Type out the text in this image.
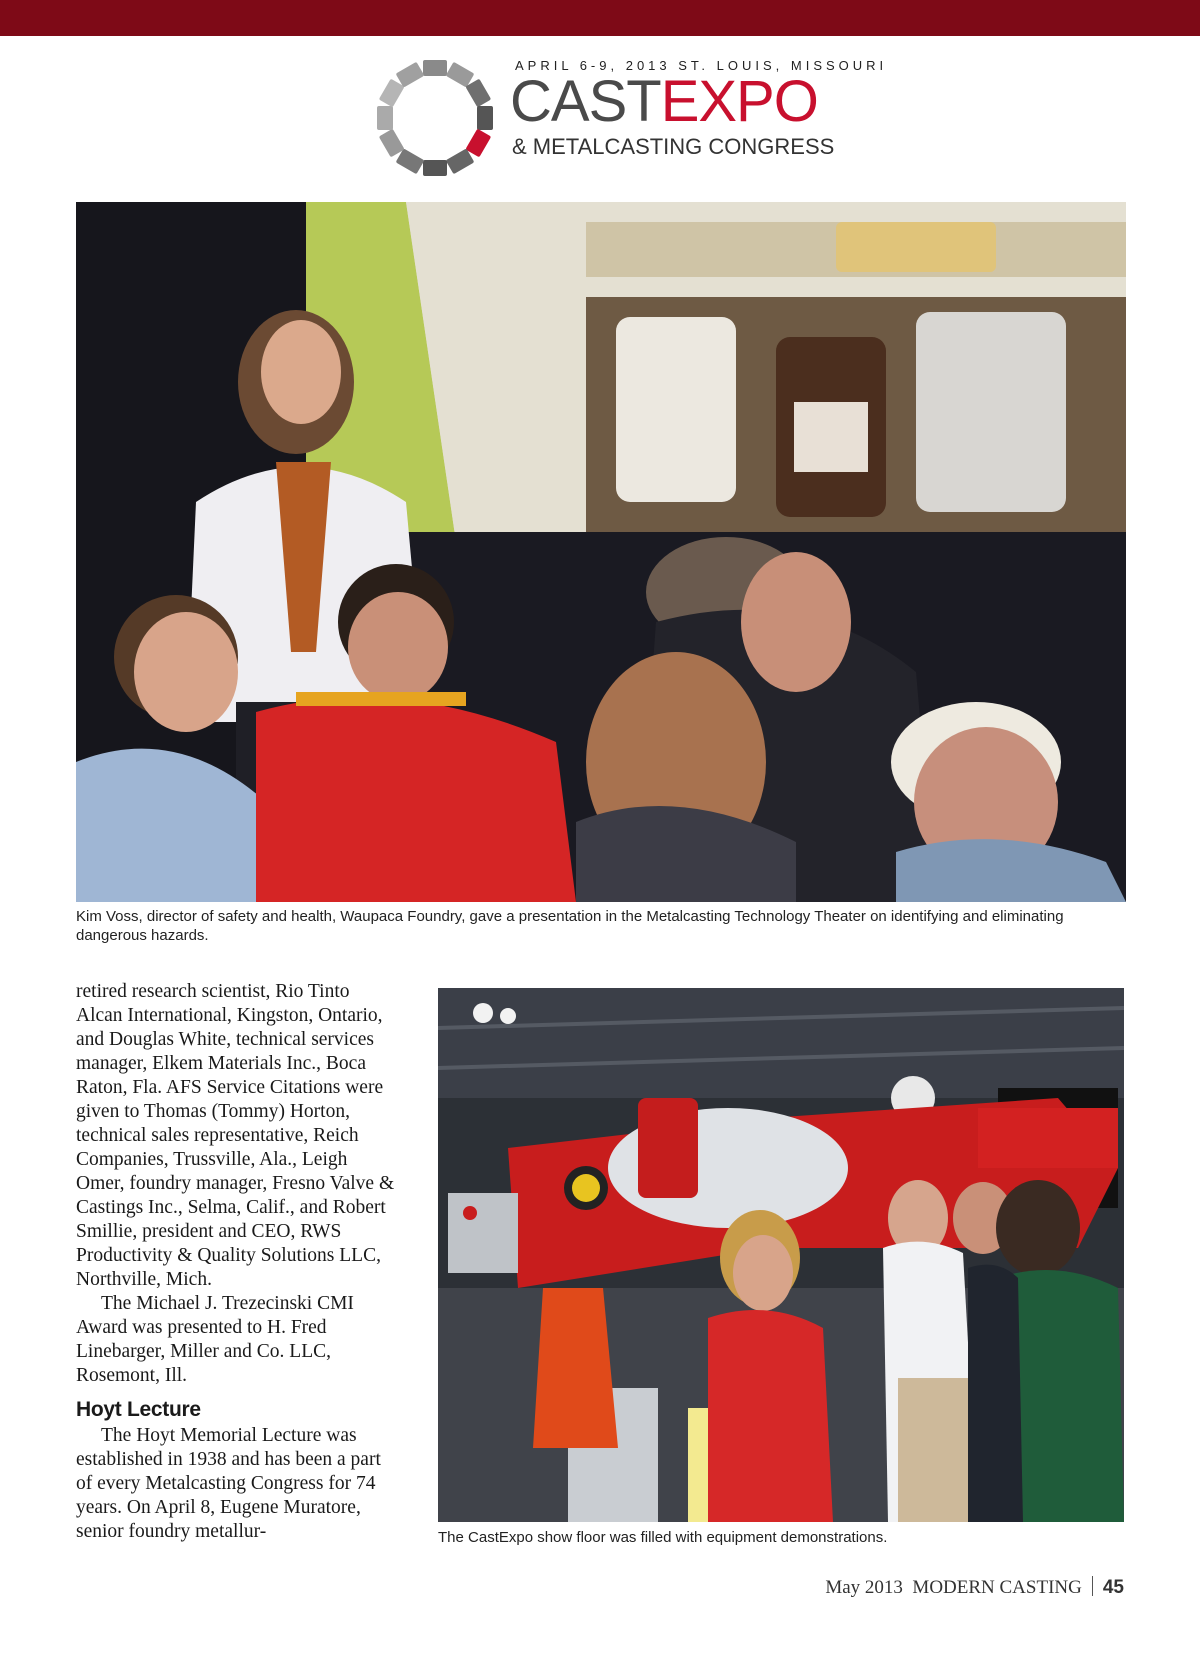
APRIL 6-9, 2013 ST. LOUIS, MISSOURI
CASTEXPO
& METALCASTING CONGRESS
Kim Voss, director of safety and health, Waupaca Foundry, gave a presentation in the Metalcasting Technology Theater on identifying and eliminating dangerous hazards.

retired research scientist, Rio Tinto Alcan International, Kingston, Ontario, and Douglas White, technical services manager, Elkem Materials Inc., Boca Raton, Fla. AFS Service Citations were given to Thomas (Tommy) Horton, technical sales representative, Reich Companies, Trussville, Ala., Leigh Omer, foundry manager, Fresno Valve & Castings Inc., Selma, Calif., and Robert Smillie, president and CEO, RWS Productivity & Quality Solutions LLC, Northville, Mich.

The Michael J. Trezecinski CMI Award was presented to H. Fred Linebarger, Miller and Co. LLC, Rosemont, Ill.

Hoyt Lecture

The Hoyt Memorial Lecture was established in 1938 and has been a part of every Metalcasting Congress for 74 years. On April 8, Eugene Muratore, senior foundry metallur-	The CastExpo show floor was filled with equipment demonstrations.
May 2013 MODERN CASTING 45
